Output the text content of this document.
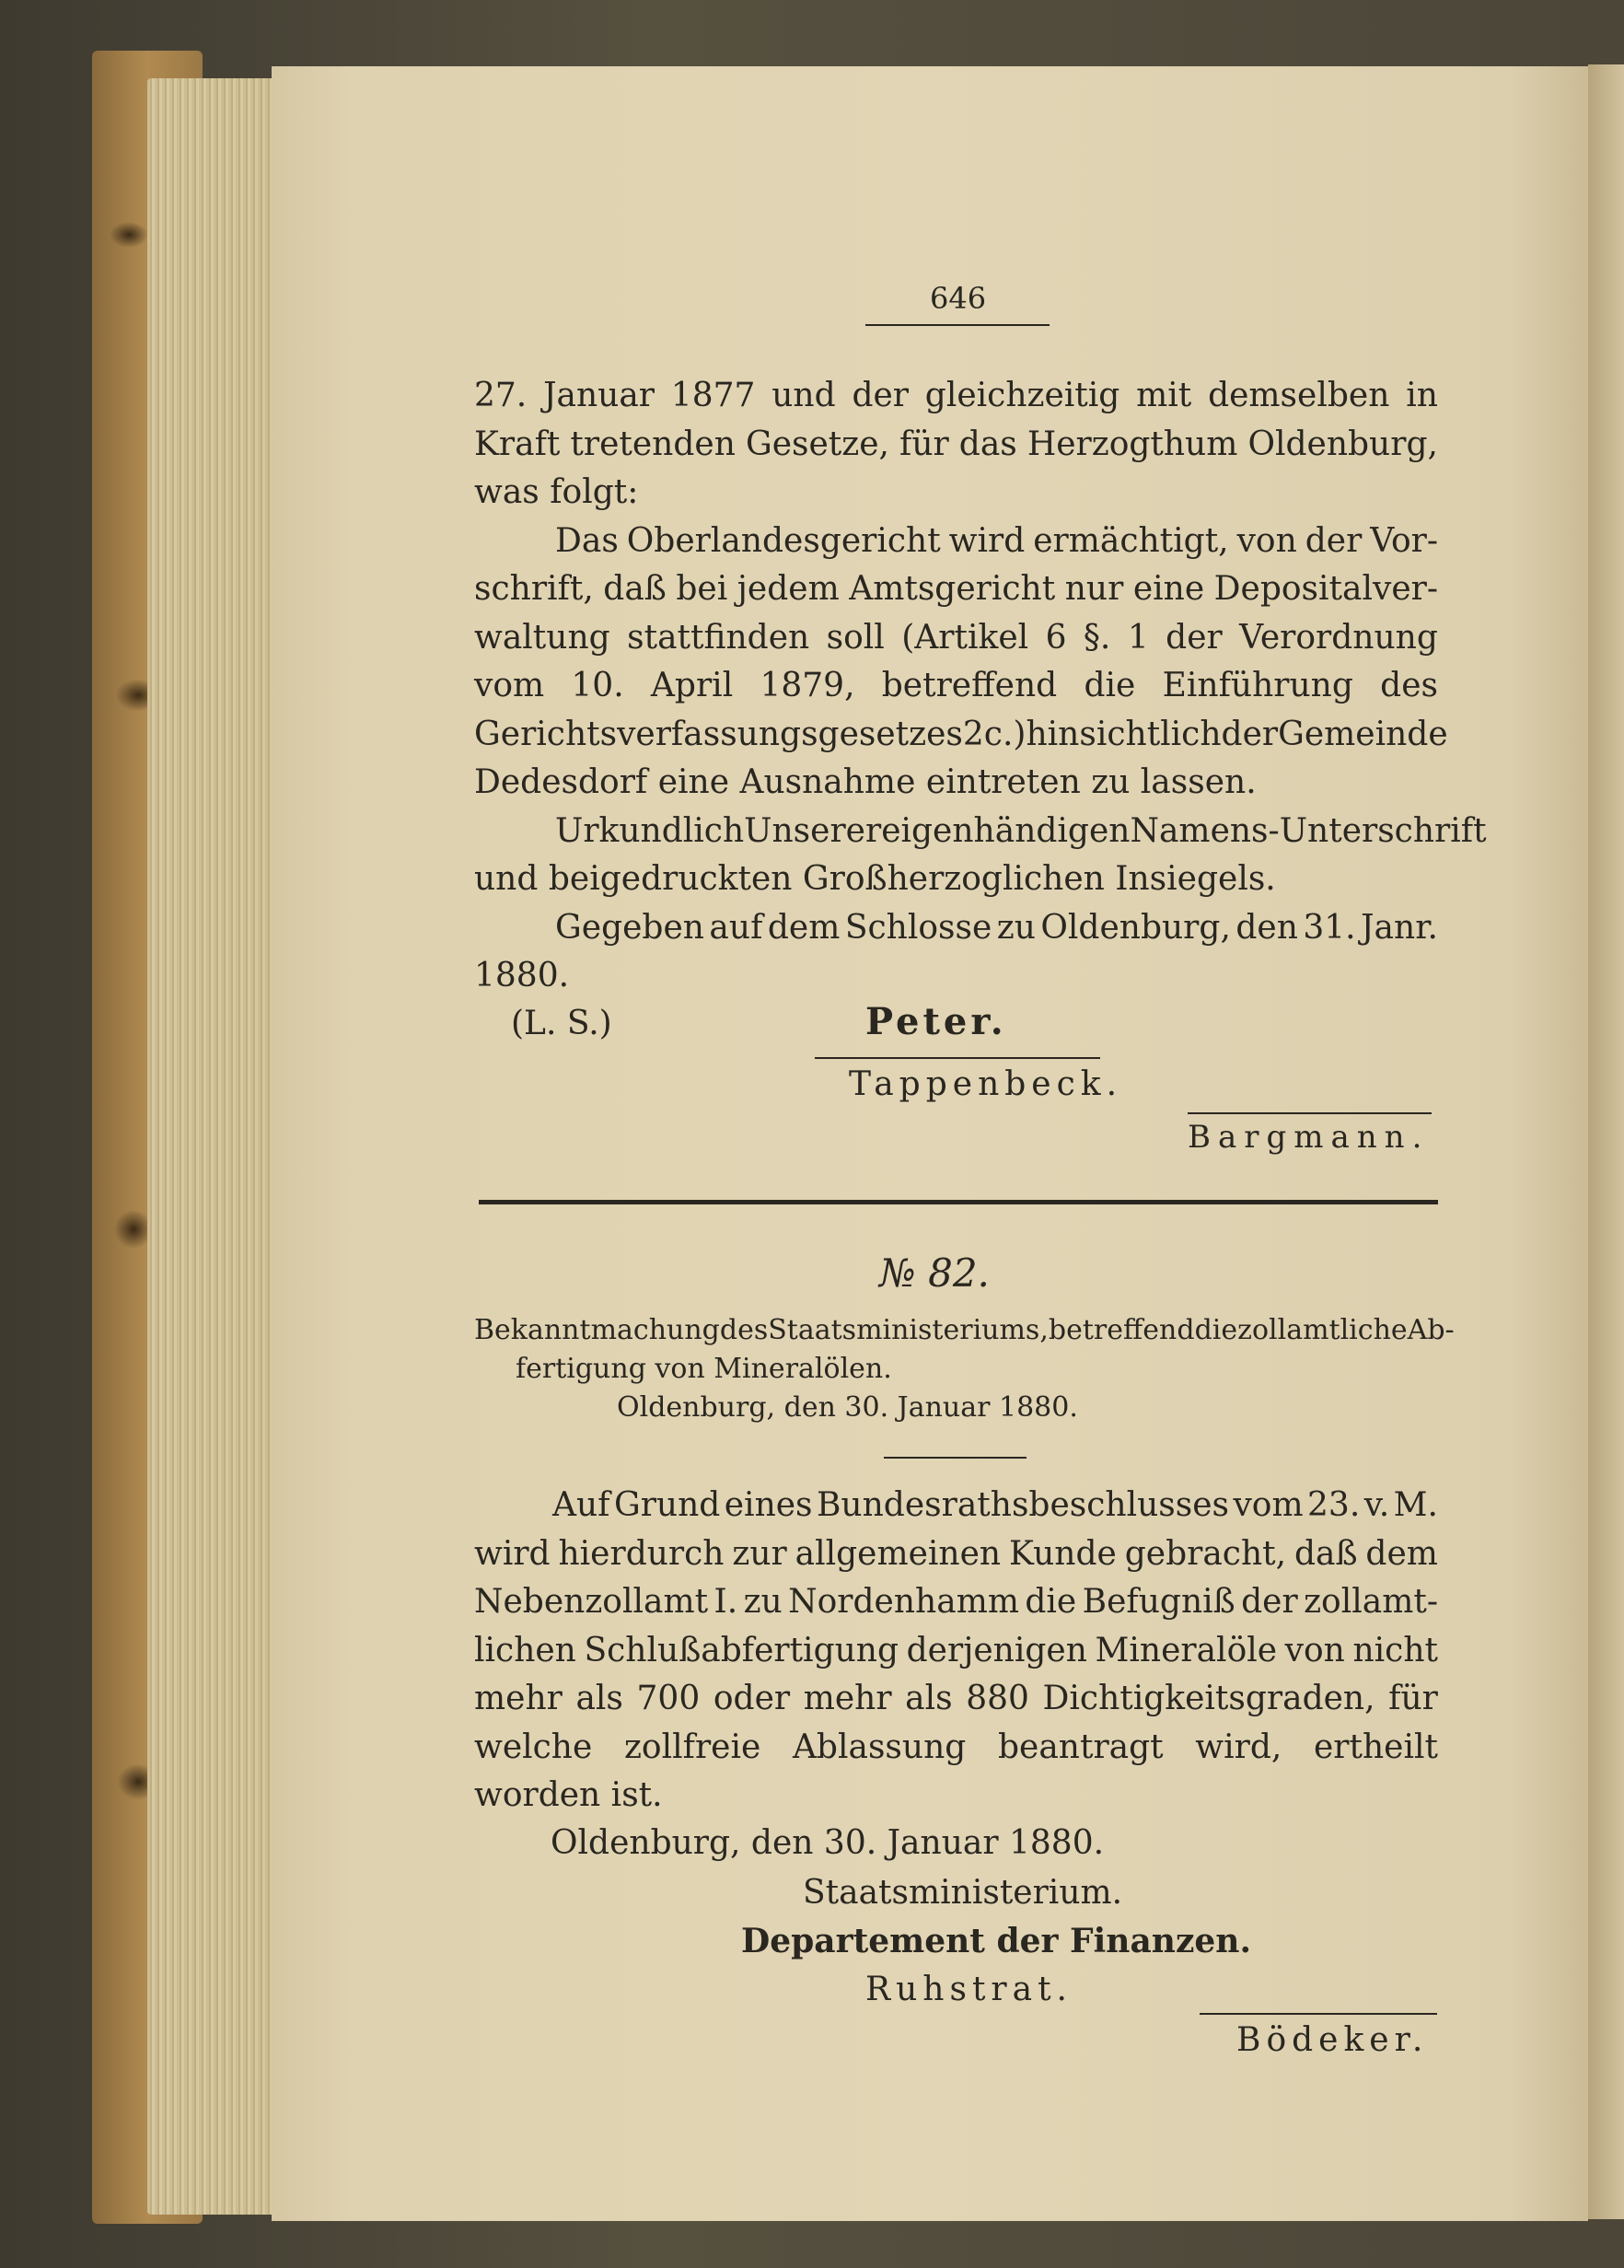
646
27. Januar 1877 und der gleichzeitig mit demselben in
Kraft tretenden Gesetze, für das Herzogthum Oldenburg,
was folgt:
Das Oberlandesgericht wird ermächtigt, von der Vor-
schrift, daß bei jedem Amtsgericht nur eine Depositalver-
waltung stattfinden soll (Artikel 6 §. 1 der Verordnung
vom 10. April 1879, betreffend die Einführung des
Gerichtsverfassungsgesetzes 2c.) hinsichtlich der Gemeinde
Dedesdorf eine Ausnahme eintreten zu lassen.
Urkundlich Unserer eigenhändigen Namens-Unterschrift
und beigedruckten Großherzoglichen Insiegels.
Gegeben auf dem Schlosse zu Oldenburg, den 31. Janr.
1880.
(L. S.)	Peter.
Tappenbeck.
Bargmann.
№ 82.
Bekanntmachung des Staatsministeriums, betreffend die zollamtliche Ab-
fertigung von Mineralölen.
Oldenburg, den 30. Januar 1880.
Auf Grund eines Bundesrathsbeschlusses vom 23. v. M.
wird hierdurch zur allgemeinen Kunde gebracht, daß dem
Nebenzollamt I. zu Nordenhamm die Befugniß der zollamt-
lichen Schlußabfertigung derjenigen Mineralöle von nicht
mehr als 700 oder mehr als 880 Dichtigkeitsgraden, für
welche zollfreie Ablassung beantragt wird, ertheilt
worden ist.
Oldenburg, den 30. Januar 1880.
Staatsministerium.
Departement der Finanzen.
Ruhstrat.
Bödeker.
